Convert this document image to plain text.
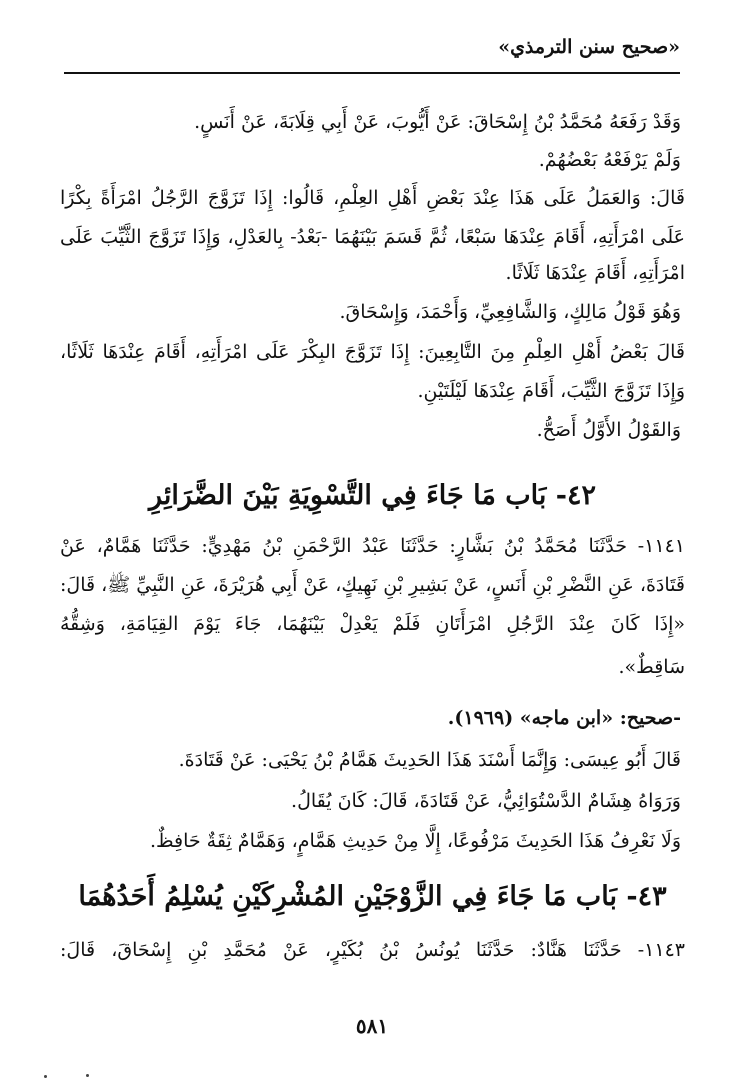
«صحيح سنن الترمذي»
وَقَدْ رَفَعَهُ مُحَمَّدُ بْنُ إِسْحَاقَ: عَنْ أَيُّوبَ، عَنْ أَبِي قِلَابَةَ، عَنْ أَنَسٍ.
وَلَمْ يَرْفَعْهُ بَعْضُهُمْ.
قَالَ: وَالعَمَلُ عَلَى هَذَا عِنْدَ بَعْضِ أَهْلِ العِلْمِ، قَالُوا: إِذَا تَزَوَّجَ الرَّجُلُ امْرَأَةً بِكْرًا
عَلَى امْرَأَتِهِ، أَقَامَ عِنْدَهَا سَبْعًا، ثُمَّ قَسَمَ بَيْنَهُمَا -بَعْدُ- بِالعَدْلِ، وَإِذَا تَزَوَّجَ الثَّيِّبَ عَلَى
امْرَأَتِهِ، أَقَامَ عِنْدَهَا ثَلَاثًا.
وَهُوَ قَوْلُ مَالِكٍ، وَالشَّافِعِيِّ، وَأَحْمَدَ، وَإِسْحَاقَ.
قَالَ بَعْضُ أَهْلِ العِلْمِ مِنَ التَّابِعِينَ: إِذَا تَزَوَّجَ البِكْرَ عَلَى امْرَأَتِهِ، أَقَامَ عِنْدَهَا ثَلَاثًا،
وَإِذَا تَزَوَّجَ الثَّيِّبَ، أَقَامَ عِنْدَهَا لَيْلَتَيْنِ.
وَالقَوْلُ الأَوَّلُ أَصَحُّ.
٤٢- بَاب مَا جَاءَ فِي التَّسْوِيَةِ بَيْنَ الضَّرَائِرِ
١١٤١- حَدَّثَنَا مُحَمَّدُ بْنُ بَشَّارٍ: حَدَّثَنَا عَبْدُ الرَّحْمَنِ بْنُ مَهْدِيٍّ: حَدَّثَنَا هَمَّامٌ، عَنْ
قَتَادَةَ، عَنِ النَّضْرِ بْنِ أَنَسٍ، عَنْ بَشِيرِ بْنِ نَهِيكٍ، عَنْ أَبِي هُرَيْرَةَ، عَنِ النَّبِيِّ ﷺ، قَالَ:
«إِذَا كَانَ عِنْدَ الرَّجُلِ امْرَأَتَانِ فَلَمْ يَعْدِلْ بَيْنَهُمَا، جَاءَ يَوْمَ القِيَامَةِ، وَشِقُّهُ
سَاقِطٌ».
-صحيح: «ابن ماجه» (١٩٦٩).
قَالَ أَبُو عِيسَى: وَإِنَّمَا أَسْنَدَ هَذَا الحَدِيثَ هَمَّامُ بْنُ يَحْيَى: عَنْ قَتَادَةَ.
وَرَوَاهُ هِشَامٌ الدَّسْتُوَائِيُّ، عَنْ قَتَادَةَ، قَالَ: كَانَ يُقَالُ.
وَلَا نَعْرِفُ هَذَا الحَدِيثَ مَرْفُوعًا، إِلَّا مِنْ حَدِيثِ هَمَّامٍ، وَهَمَّامٌ ثِقَةٌ حَافِظٌ.
٤٣- بَاب مَا جَاءَ فِي الزَّوْجَيْنِ المُشْرِكَيْنِ يُسْلِمُ أَحَدُهُمَا
١١٤٣- حَدَّثَنَا هَنَّادٌ: حَدَّثَنَا يُونُسُ بْنُ بُكَيْرٍ، عَنْ مُحَمَّدِ بْنِ إِسْحَاقَ، قَالَ:
٥٨١
